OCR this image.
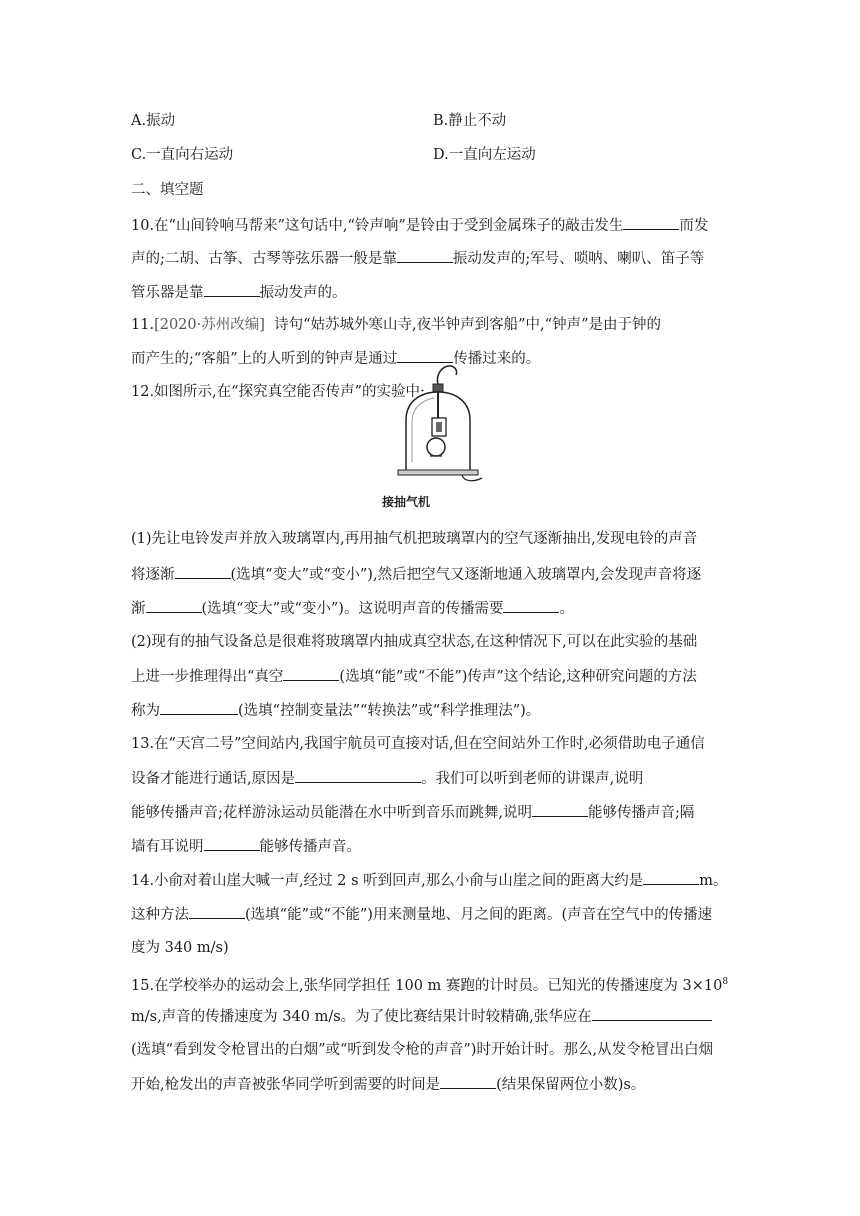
A.振动	B.静止不动
C.一直向右运动	D.一直向左运动
二、填空题
10.在“山间铃响马帮来”这句话中,“铃声响”是铃由于受到金属珠子的敲击发生	而发
声的;二胡、古筝、古琴等弦乐器一般是靠	振动发声的;军号、唢呐、喇叭、笛子等
管乐器是靠	振动发声的。
11.[2020·苏州改编] 诗句“姑苏城外寒山寺,夜半钟声到客船”中,“钟声”是由于钟的
而产生的;“客船”上的人听到的钟声是通过	传播过来的。
12.如图所示,在“探究真空能否传声”的实验中:
接抽气机
(1)先让电铃发声并放入玻璃罩内,再用抽气机把玻璃罩内的空气逐渐抽出,发现电铃的声音
将逐渐	(选填“变大”或“变小”),然后把空气又逐渐地通入玻璃罩内,会发现声音将逐
渐	(选填“变大”或“变小”)。这说明声音的传播需要	。
(2)现有的抽气设备总是很难将玻璃罩内抽成真空状态,在这种情况下,可以在此实验的基础
上进一步推理得出“真空	(选填“能”或“不能”)传声”这个结论,这种研究问题的方法
称为	(选填“控制变量法”“转换法”或“科学推理法”)。
13.在“天宫二号”空间站内,我国宇航员可直接对话,但在空间站外工作时,必须借助电子通信
设备才能进行通话,原因是	。我们可以听到老师的讲课声,说明
能够传播声音;花样游泳运动员能潜在水中听到音乐而跳舞,说明	能够传播声音;隔
墙有耳说明	能够传播声音。
14.小俞对着山崖大喊一声,经过 2 s 听到回声,那么小俞与山崖之间的距离大约是	m。
这种方法	(选填“能”或“不能”)用来测量地、月之间的距离。(声音在空气中的传播速
度为 340 m/s)
15.在学校举办的运动会上,张华同学担任 100 m 赛跑的计时员。已知光的传播速度为 $3\times 10^8$
m/s,声音的传播速度为 340 m/s。为了使比赛结果计时较精确,张华应在
(选填“看到发令枪冒出的白烟”或“听到发令枪的声音”)时开始计时。那么,从发令枪冒出白烟
开始,枪发出的声音被张华同学听到需要的时间是	(结果保留两位小数)s。
